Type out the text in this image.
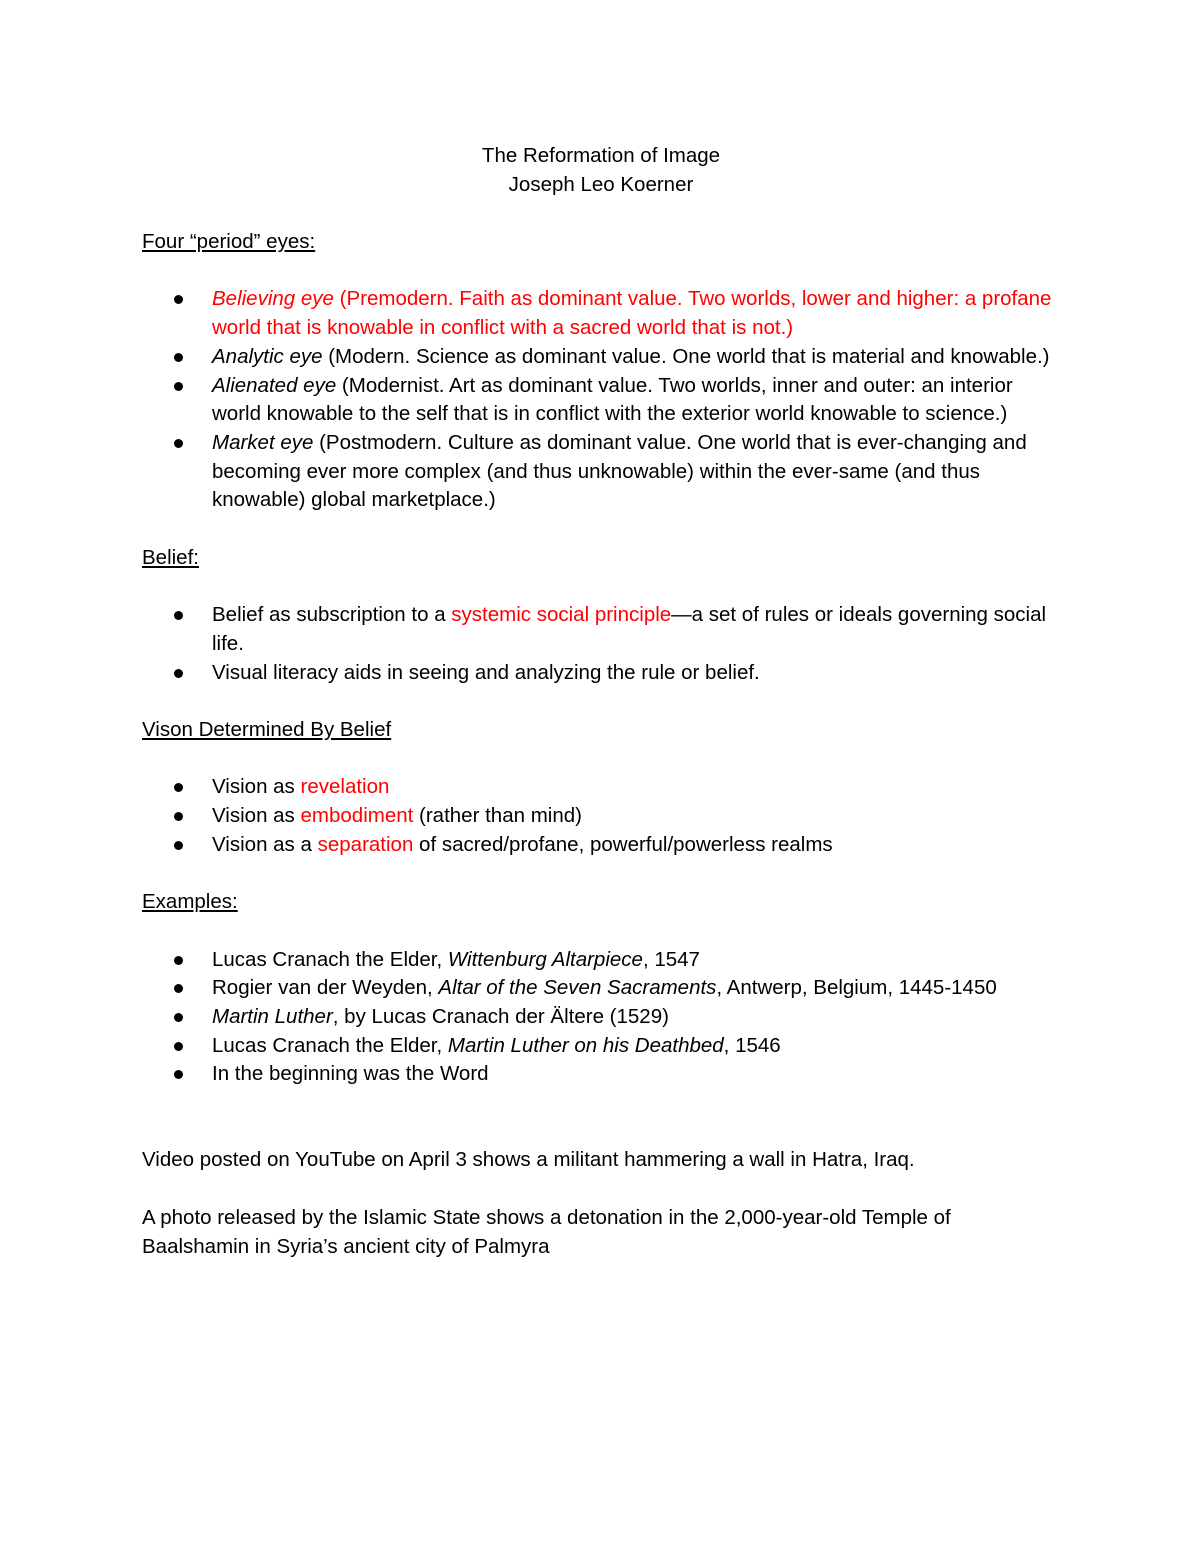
The Reformation of Image
Joseph Leo Koerner

Four “period” eyes:

Believing eye (Premodern. Faith as dominant value. Two worlds, lower and higher: a profane world that is knowable in conflict with a sacred world that is not.)
Analytic eye (Modern. Science as dominant value. One world that is material and knowable.)
Alienated eye (Modernist. Art as dominant value. Two worlds, inner and outer: an interior world knowable to the self that is in conflict with the exterior world knowable to science.)
Market eye (Postmodern. Culture as dominant value. One world that is ever-changing and becoming ever more complex (and thus unknowable) within the ever-same (and thus knowable) global marketplace.)

Belief:

Belief as subscription to a systemic social principle—a set of rules or ideals governing social life.
Visual literacy aids in seeing and analyzing the rule or belief.

Vison Determined By Belief

Vision as revelation
Vision as embodiment (rather than mind)
Vision as a separation of sacred/profane, powerful/powerless realms

Examples:

Lucas Cranach the Elder, Wittenburg Altarpiece, 1547
Rogier van der Weyden, Altar of the Seven Sacraments, Antwerp, Belgium, 1445-1450
Martin Luther, by Lucas Cranach der Ältere (1529)
Lucas Cranach the Elder, Martin Luther on his Deathbed, 1546
In the beginning was the Word

Video posted on YouTube on April 3 shows a militant hammering a wall in Hatra, Iraq.

A photo released by the Islamic State shows a detonation in the 2,000-year-old Temple of Baalshamin in Syria’s ancient city of Palmyra
